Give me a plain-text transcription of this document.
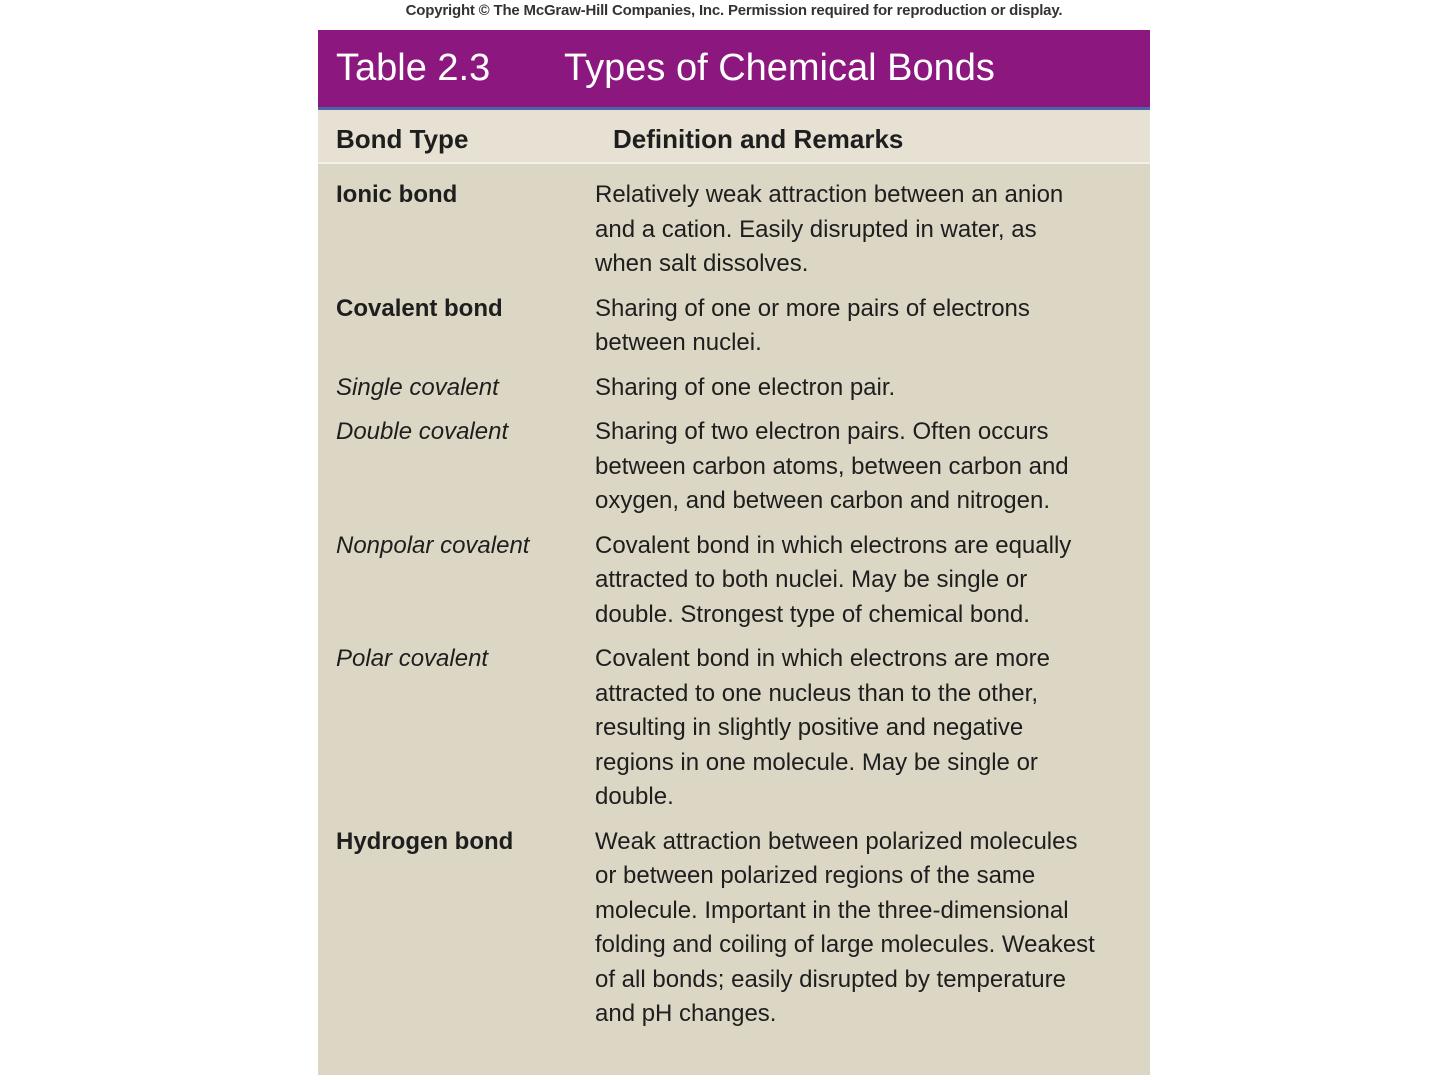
Copyright © The McGraw-Hill Companies, Inc. Permission required for reproduction or display.
Table 2.3 Types of Chemical Bonds
Bond Type	Definition and Remarks
Ionic bond	Relatively weak attraction between an anion
and a cation. Easily disrupted in water, as
when salt dissolves.
Covalent bond	Sharing of one or more pairs of electrons
between nuclei.
Single covalent	Sharing of one electron pair.
Double covalent	Sharing of two electron pairs. Often occurs
between carbon atoms, between carbon and
oxygen, and between carbon and nitrogen.
Nonpolar covalent	Covalent bond in which electrons are equally
attracted to both nuclei. May be single or
double. Strongest type of chemical bond.
Polar covalent	Covalent bond in which electrons are more
attracted to one nucleus than to the other,
resulting in slightly positive and negative
regions in one molecule. May be single or
double.
Hydrogen bond	Weak attraction between polarized molecules
or between polarized regions of the same
molecule. Important in the three-dimensional
folding and coiling of large molecules. Weakest
of all bonds; easily disrupted by temperature
and pH changes.
